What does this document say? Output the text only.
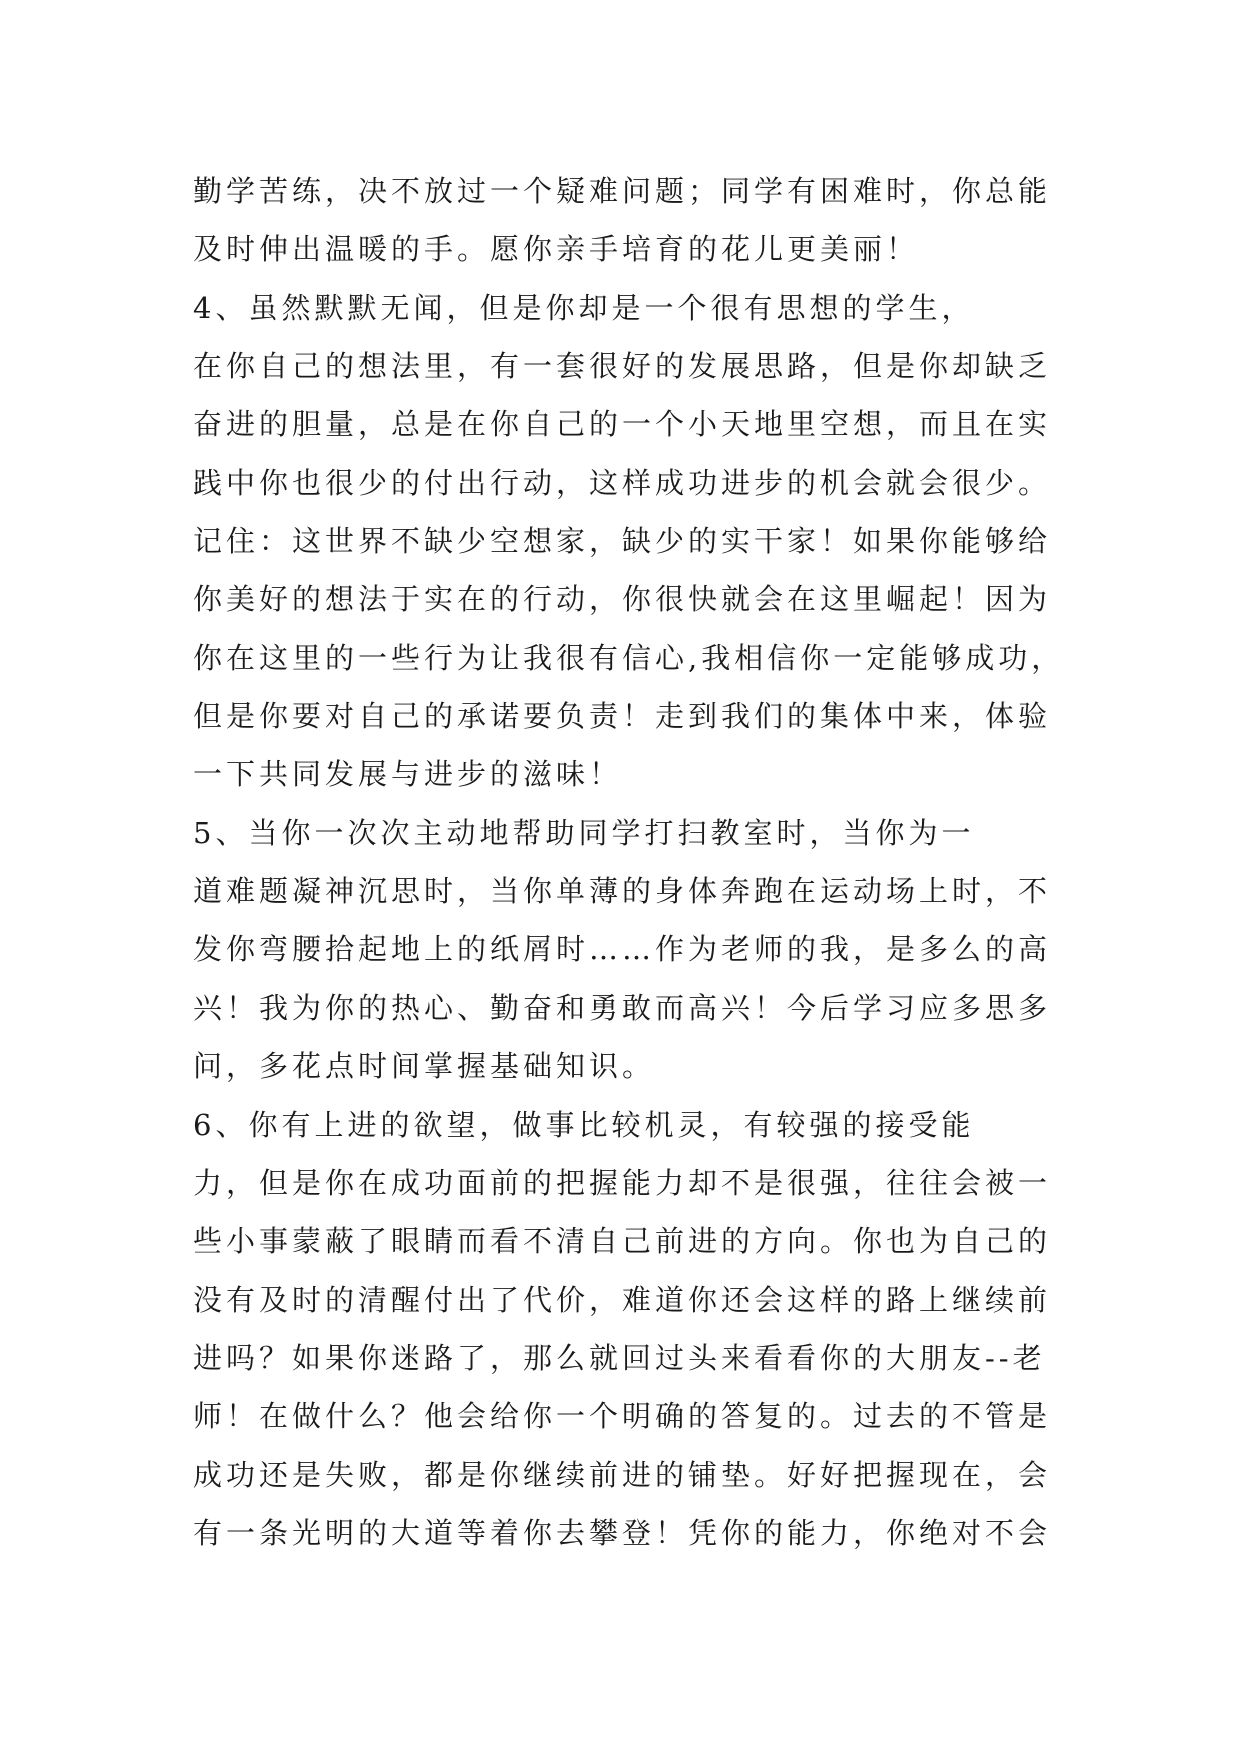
勤学苦练，决不放过一个疑难问题；同学有困难时，你总能
及时伸出温暖的手。愿你亲手培育的花儿更美丽！
4、虽然默默无闻，但是你却是一个很有思想的学生，
在你自己的想法里，有一套很好的发展思路，但是你却缺乏
奋进的胆量，总是在你自己的一个小天地里空想，而且在实
践中你也很少的付出行动，这样成功进步的机会就会很少。
记住：这世界不缺少空想家，缺少的实干家！如果你能够给
你美好的想法于实在的行动，你很快就会在这里崛起！因为
你在这里的一些行为让我很有信心,我相信你一定能够成功，
但是你要对自己的承诺要负责！走到我们的集体中来，体验
一下共同发展与进步的滋味！
5、当你一次次主动地帮助同学打扫教室时，当你为一
道难题凝神沉思时，当你单薄的身体奔跑在运动场上时，不
发你弯腰拾起地上的纸屑时……作为老师的我，是多么的高
兴！我为你的热心、勤奋和勇敢而高兴！今后学习应多思多
问，多花点时间掌握基础知识。
6、你有上进的欲望，做事比较机灵，有较强的接受能
力，但是你在成功面前的把握能力却不是很强，往往会被一
些小事蒙蔽了眼睛而看不清自己前进的方向。你也为自己的
没有及时的清醒付出了代价，难道你还会这样的路上继续前
进吗？如果你迷路了，那么就回过头来看看你的大朋友--老
师！在做什么？他会给你一个明确的答复的。过去的不管是
成功还是失败，都是你继续前进的铺垫。好好把握现在，会
有一条光明的大道等着你去攀登！凭你的能力，你绝对不会
